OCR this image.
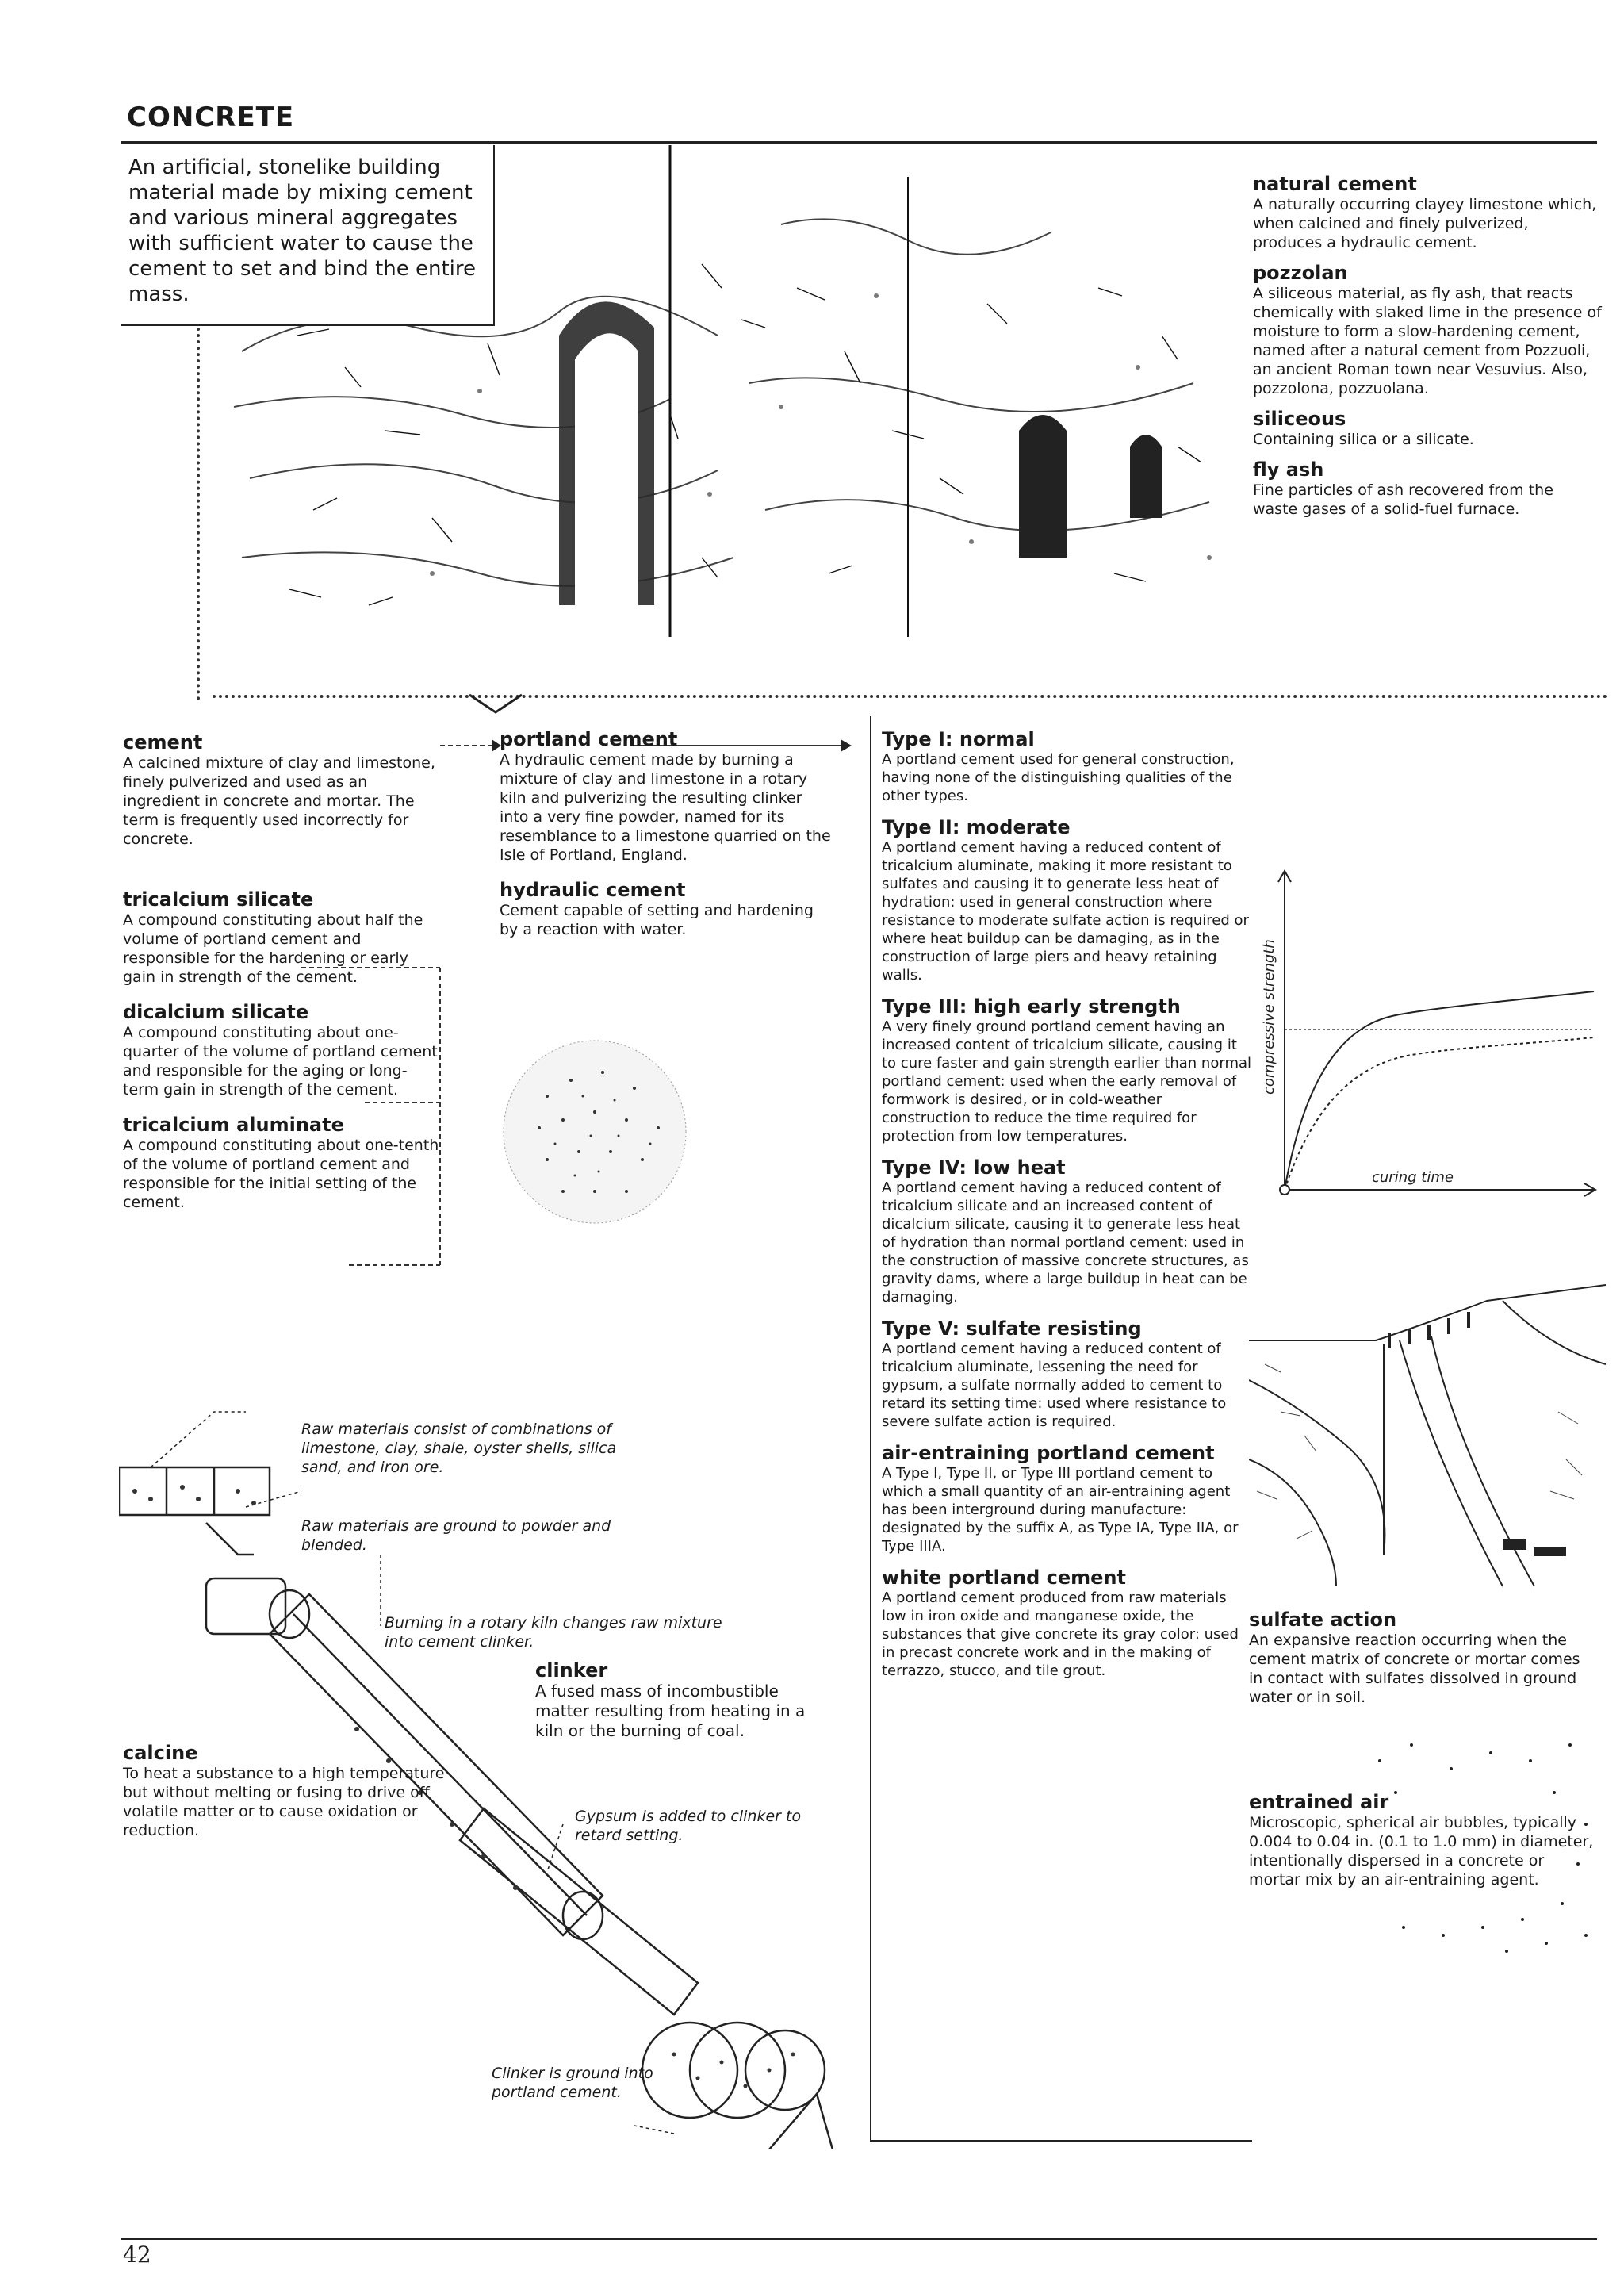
CONCRETE
An artificial, stonelike building material made by mixing cement and various mineral aggregates with sufficient water to cause the cement to set and bind the entire mass.
natural cement
A naturally occurring clayey limestone which, when calcined and finely pulverized, produces a hydraulic cement.
pozzolan
A siliceous material, as fly ash, that reacts chemically with slaked lime in the presence of moisture to form a slow-hardening cement, named after a natural cement from Pozzuoli, an ancient Roman town near Vesuvius. Also, pozzolona, pozzuolana.
siliceous
Containing silica or a silicate.
fly ash
Fine particles of ash recovered from the waste gases of a solid-fuel furnace.
cement
A calcined mixture of clay and limestone, finely pulverized and used as an ingredient in concrete and mortar. The term is frequently used incorrectly for concrete.
tricalcium silicate
A compound constituting about half the volume of portland cement and responsible for the hardening or early gain in strength of the cement.
dicalcium silicate
A compound constituting about one-quarter of the volume of portland cement and responsible for the aging or long-term gain in strength of the cement.
tricalcium aluminate
A compound constituting about one-tenth of the volume of portland cement and responsible for the initial setting of the cement.
portland cement
A hydraulic cement made by burning a mixture of clay and limestone in a rotary kiln and pulverizing the resulting clinker into a very fine powder, named for its resemblance to a limestone quarried on the Isle of Portland, England.
hydraulic cement
Cement capable of setting and hardening by a reaction with water.
Type I: normal
A portland cement used for general construction, having none of the distinguishing qualities of the other types.
Type II: moderate
A portland cement having a reduced content of tricalcium aluminate, making it more resistant to sulfates and causing it to generate less heat of hydration: used in general construction where resistance to moderate sulfate action is required or where heat buildup can be damaging, as in the construction of large piers and heavy retaining walls.
Type III: high early strength
A very finely ground portland cement having an increased content of tricalcium silicate, causing it to cure faster and gain strength earlier than normal portland cement: used when the early removal of formwork is desired, or in cold-weather construction to reduce the time required for protection from low temperatures.
Type IV: low heat
A portland cement having a reduced content of tricalcium silicate and an increased content of dicalcium silicate, causing it to generate less heat of hydration than normal portland cement: used in the construction of massive concrete structures, as gravity dams, where a large buildup in heat can be damaging.
Type V: sulfate resisting
A portland cement having a reduced content of tricalcium aluminate, lessening the need for gypsum, a sulfate normally added to cement to retard its setting time: used where resistance to severe sulfate action is required.
air-entraining portland cement
A Type I, Type II, or Type III portland cement to which a small quantity of an air-entraining agent has been interground during manufacture: designated by the suffix A, as Type IA, Type IIA, or Type IIIA.
white portland cement
A portland cement produced from raw materials low in iron oxide and manganese oxide, the substances that give concrete its gray color: used in precast concrete work and in the making of terrazzo, stucco, and tile grout.
compressive strength
curing time
sulfate action
An expansive reaction occurring when the cement matrix of concrete or mortar comes in contact with sulfates dissolved in ground water or in soil.
entrained air
Microscopic, spherical air bubbles, typically 0.004 to 0.04 in. (0.1 to 1.0 mm) in diameter, intentionally dispersed in a concrete or mortar mix by an air-entraining agent.
Raw materials consist of combinations of limestone, clay, shale, oyster shells, silica sand, and iron ore.
Raw materials are ground to powder and blended.
Burning in a rotary kiln changes raw mixture into cement clinker.
Gypsum is added to clinker to retard setting.
Clinker is ground into portland cement.
clinker
A fused mass of incombustible matter resulting from heating in a kiln or the burning of coal.
calcine
To heat a substance to a high temperature but without melting or fusing to drive off volatile matter or to cause oxidation or reduction.
42
